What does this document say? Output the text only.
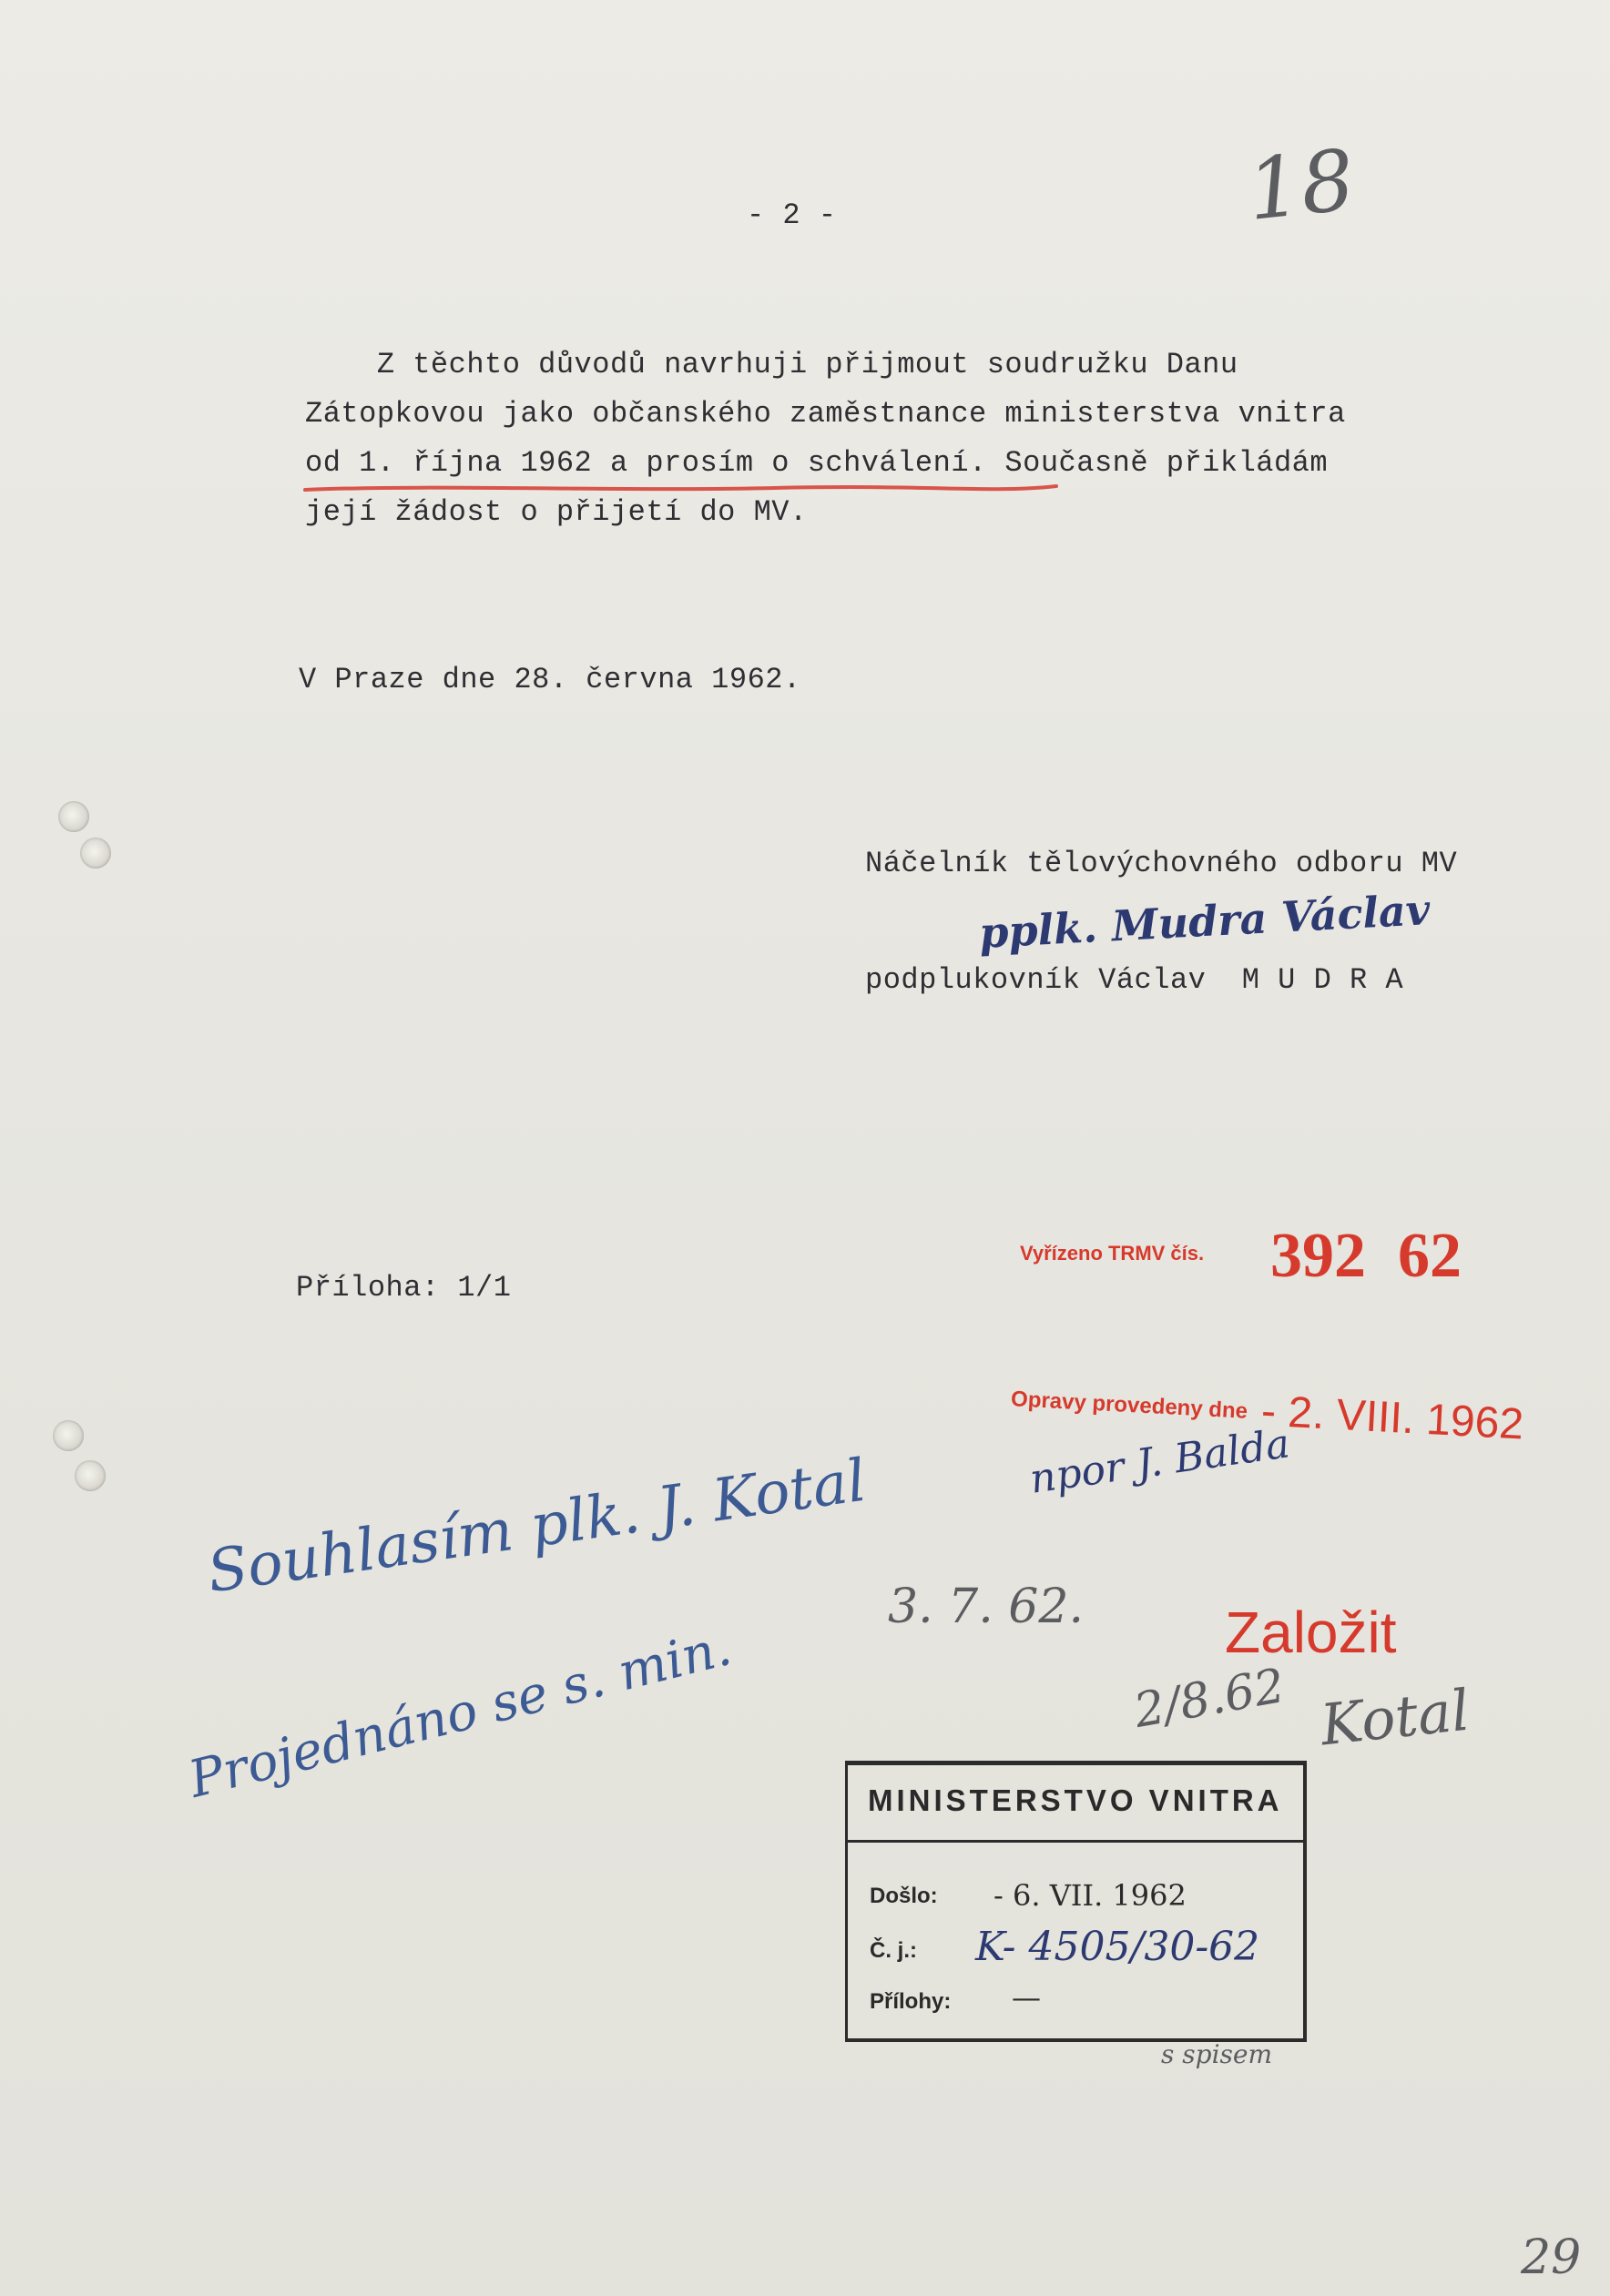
- 2 -	18
Z těchto důvodů navrhuji přijmout soudružku Danu
Zátopkovou jako občanského zaměstnance ministerstva vnitra
od 1. října 1962 a prosím o schválení. Současně přikládám
její žádost o přijetí do MV.
V Praze dne 28. června 1962.
Náčelník tělovýchovného odboru MV
pplk. Mudra Václav
podplukovník Václav  M U D R A
Příloha: 1/1
Vyřízeno TRMV čís. 392  62
Opravy provedeny dne - 2. VIII. 1962
npor J. Balda
Souhlasím plk. J. Kotal
3. 7. 62.
Projednáno se s. min.	Založit
2/8.62 Kotal
MINISTERSTVO VNITRA
Došlo: - 6. VII. 1962
Č. j.: K- 4505/30-62
Přílohy: —
s spisem
29
